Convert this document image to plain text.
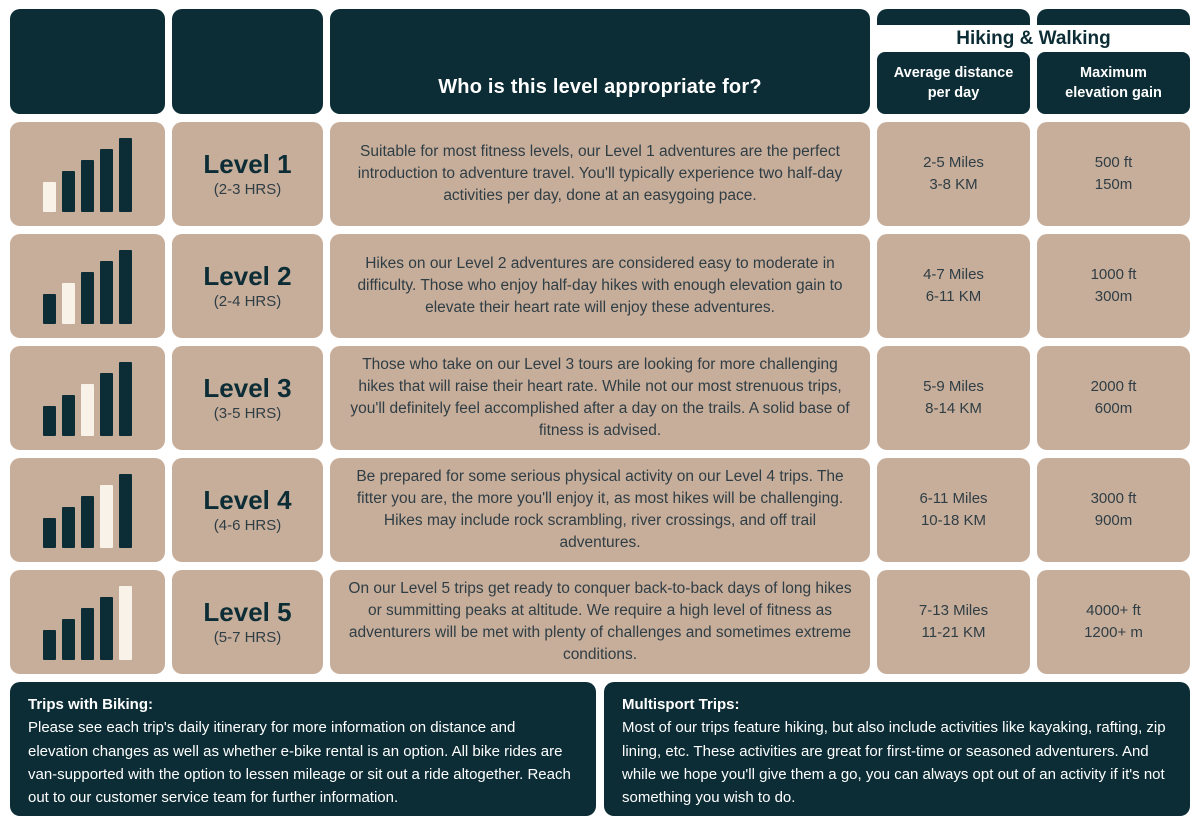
Who is this level appropriate for?
Hiking & Walking
Average distance
per day
Maximum
elevation gain
Level 1
(2-3 HRS)

Suitable for most fitness levels, our Level 1 adventures are the perfect introduction to adventure travel. You'll typically experience two half-day activities per day, done at an easygoing pace.

2-5 Miles
3-8 KM
500 ft
150m
Level 2
(2-4 HRS)

Hikes on our Level 2 adventures are considered easy to moderate in difficulty. Those who enjoy half-day hikes with enough elevation gain to elevate their heart rate will enjoy these adventures.

4-7 Miles
6-11 KM
1000 ft
300m
Level 3
(3-5 HRS)

Those who take on our Level 3 tours are looking for more challenging hikes that will raise their heart rate. While not our most strenuous trips, you'll definitely feel accomplished after a day on the trails. A solid base of fitness is advised.

5-9 Miles
8-14 KM
2000 ft
600m
Level 4
(4-6 HRS)

Be prepared for some serious physical activity on our Level 4 trips. The fitter you are, the more you'll enjoy it, as most hikes will be challenging. Hikes may include rock scrambling, river crossings, and off trail adventures.

6-11 Miles
10-18 KM
3000 ft
900m
Level 5
(5-7 HRS)

On our Level 5 trips get ready to conquer back-to-back days of long hikes or summitting peaks at altitude. We require a high level of fitness as adventurers will be met with plenty of challenges and sometimes extreme conditions.

7-13 Miles
11-21 KM
4000+ ft
1200+ m
Trips with Biking:
Please see each trip's daily itinerary for more information on distance and elevation changes as well as whether e-bike rental is an option. All bike rides are van-supported with the option to lessen mileage or sit out a ride altogether. Reach out to our customer service team for further information.
Multisport Trips:
Most of our trips feature hiking, but also include activities like kayaking, rafting, zip lining, etc. These activities are great for first-time or seasoned adventurers. And while we hope you'll give them a go, you can always opt out of an activity if it's not something you wish to do.
